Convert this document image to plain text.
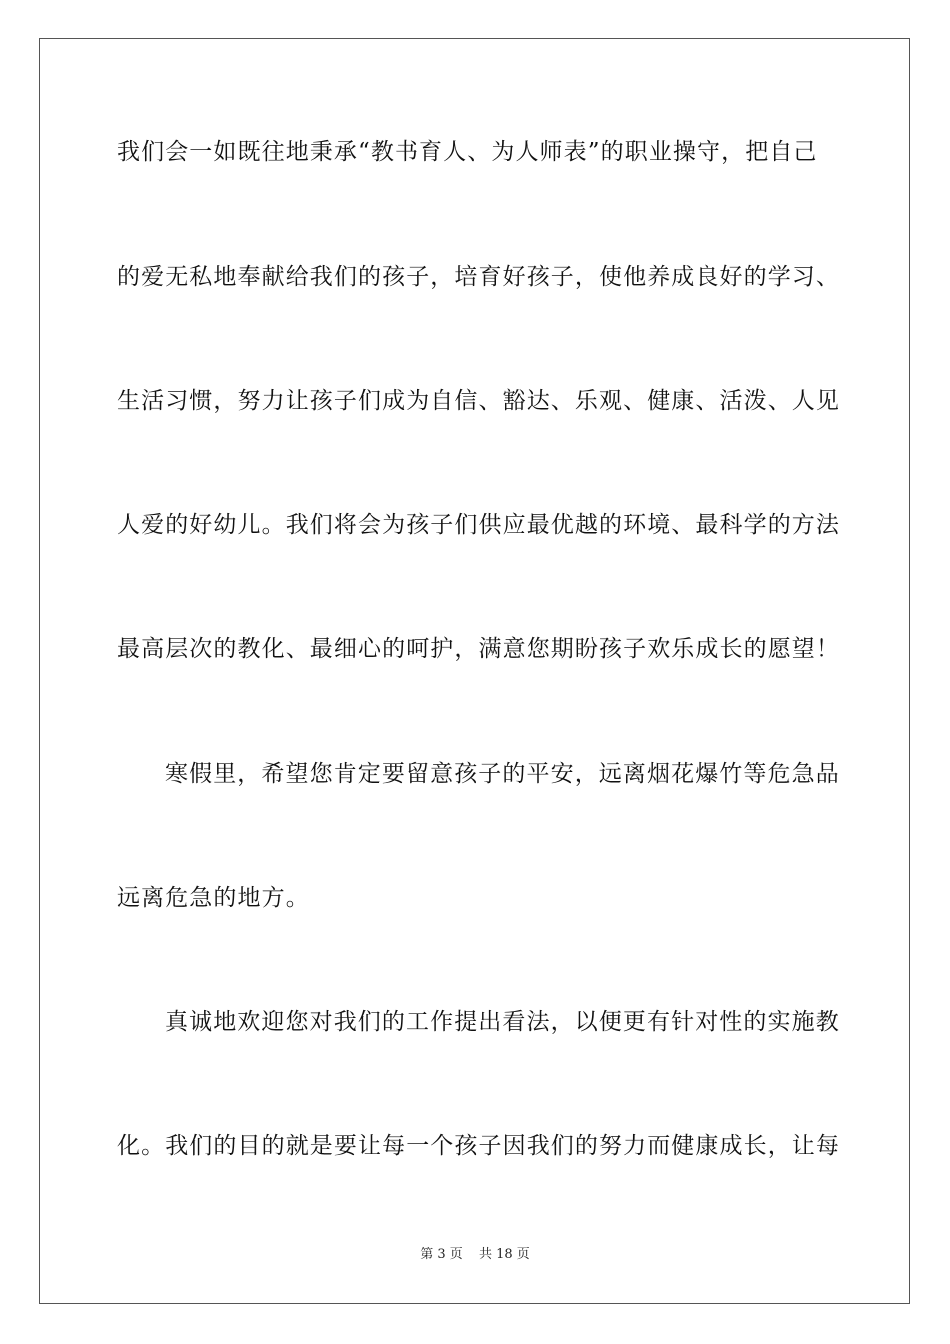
我们会一如既往地秉承“教书育人、为人师表”的职业操守，把自己
的爱无私地奉献给我们的孩子，培育好孩子，使他养成良好的学习、
生活习惯，努力让孩子们成为自信、豁达、乐观、健康、活泼、人见
人爱的好幼儿。我们将会为孩子们供应最优越的环境、最科学的方法
最高层次的教化、最细心的呵护，满意您期盼孩子欢乐成长的愿望！
寒假里，希望您肯定要留意孩子的平安，远离烟花爆竹等危急品
远离危急的地方。
真诚地欢迎您对我们的工作提出看法，以便更有针对性的实施教
化。我们的目的就是要让每一个孩子因我们的努力而健康成长，让每
第 3 页 共 18 页
